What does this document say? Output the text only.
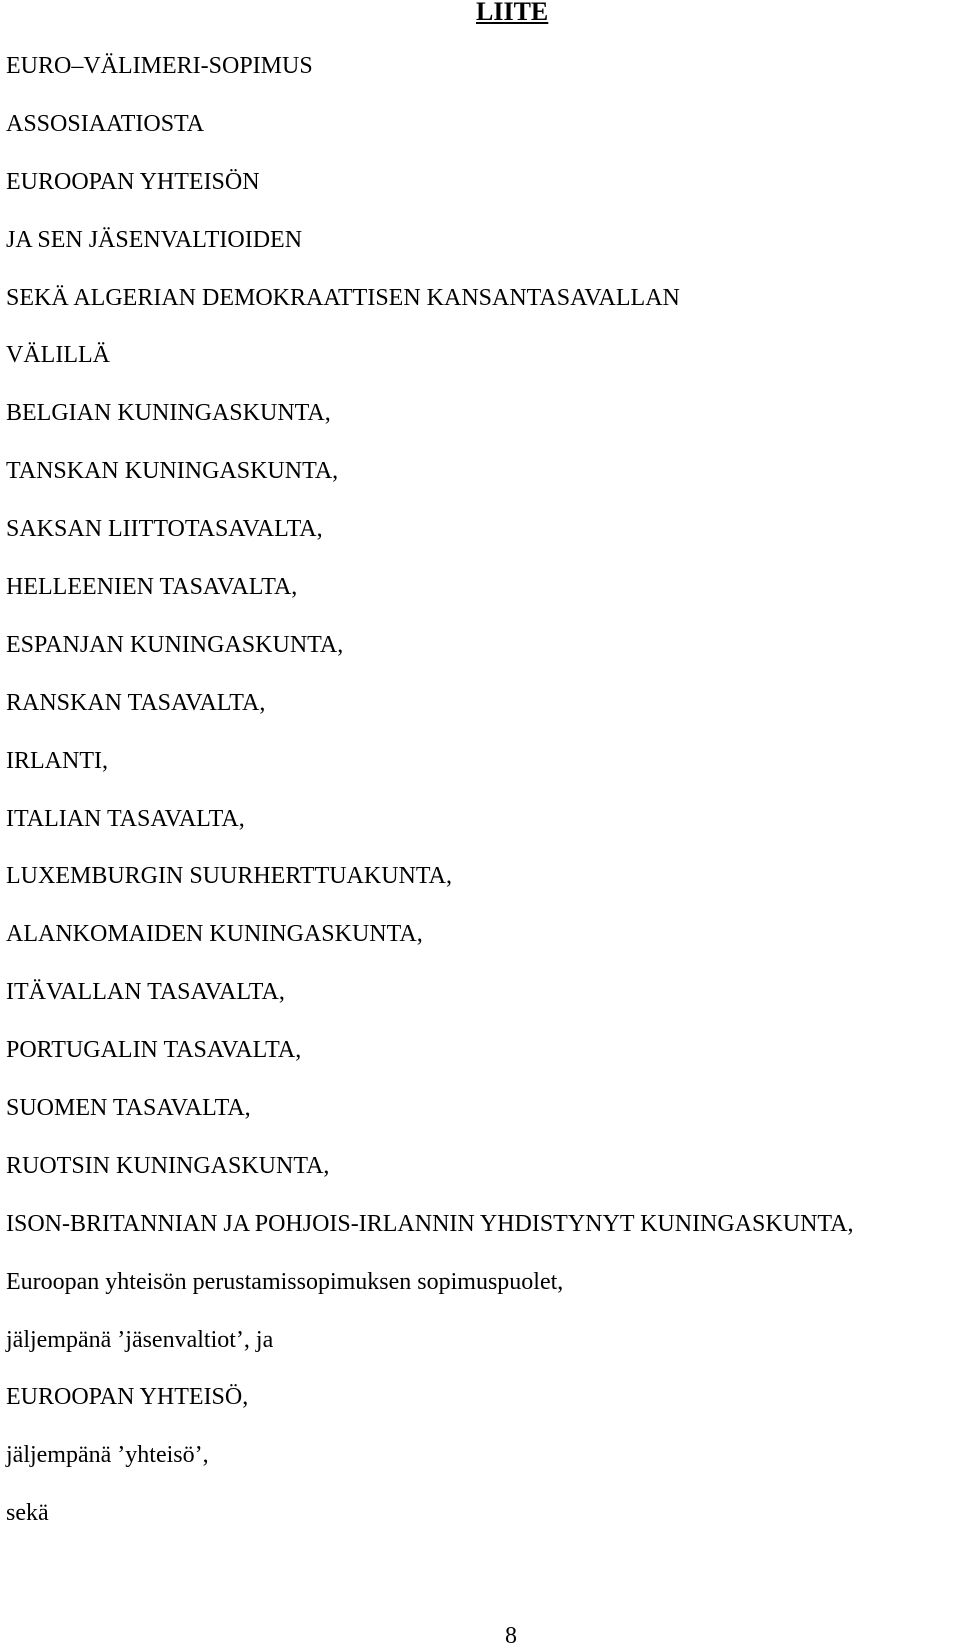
LIITE
EURO–VÄLIMERI-SOPIMUS
ASSOSIAATIOSTA
EUROOPAN YHTEISÖN
JA SEN JÄSENVALTIOIDEN
SEKÄ ALGERIAN DEMOKRAATTISEN KANSANTASAVALLAN
VÄLILLÄ
BELGIAN KUNINGASKUNTA,
TANSKAN KUNINGASKUNTA,
SAKSAN LIITTOTASAVALTA,
HELLEENIEN TASAVALTA,
ESPANJAN KUNINGASKUNTA,
RANSKAN TASAVALTA,
IRLANTI,
ITALIAN TASAVALTA,
LUXEMBURGIN SUURHERTTUAKUNTA,
ALANKOMAIDEN KUNINGASKUNTA,
ITÄVALLAN TASAVALTA,
PORTUGALIN TASAVALTA,
SUOMEN TASAVALTA,
RUOTSIN KUNINGASKUNTA,
ISON-BRITANNIAN JA POHJOIS-IRLANNIN YHDISTYNYT KUNINGASKUNTA,
Euroopan yhteisön perustamissopimuksen sopimuspuolet,
jäljempänä ’jäsenvaltiot’, ja
EUROOPAN YHTEISÖ,
jäljempänä ’yhteisö’,
sekä
8
